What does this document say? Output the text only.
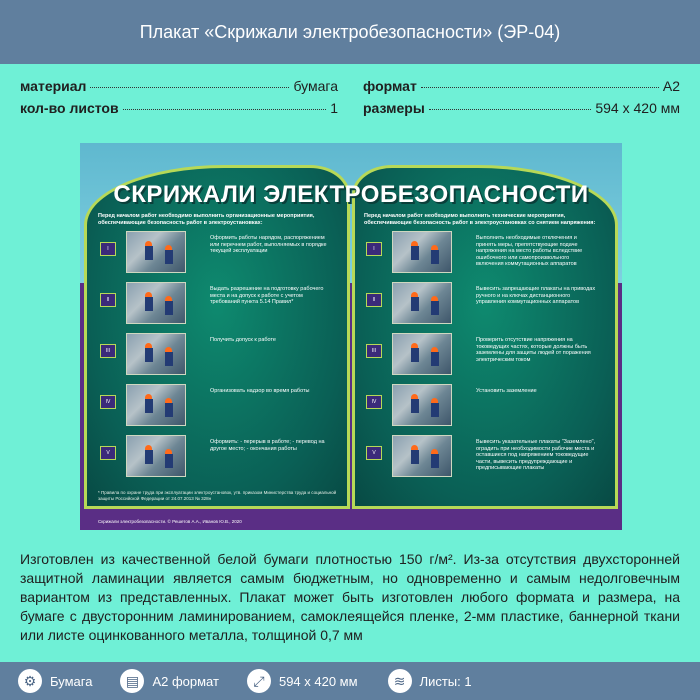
Плакат «Скрижали электробезопасности» (ЭР-04)
материал	бумага
кол-во листов	1
формат	A2
размеры	594 х 420 мм
СКРИЖАЛИ ЭЛЕКТРОБЕЗОПАСНОСТИ
Перед началом работ необходимо выполнить организационные мероприятия, обеспечивающие безопасность работ в электроустановках:
Перед началом работ необходимо выполнить технические мероприятия, обеспечивающие безопасность работ в электроустановках со снятием напряжения:
I
Оформить работы нарядом, распоряжением или перечнем работ, выполняемых в порядке текущей эксплуатации
II
Выдать разрешение на подготовку рабочего места и на допуск к работе с учетом требований пункта 5.14 Правил*
III
Получить допуск к работе
IV
Организовать надзор во время работы
V
Оформить: - перерыв в работе; - перевод на другое место; - окончания работы
I
Выполнить необходимые отключения и принять меры, препятствующие подаче напряжения на место работы вследствие ошибочного или самопроизвольного включения коммутационных аппаратов
II
Вывесить запрещающие плакаты на приводах ручного и на ключах дистанционного управления коммутационных аппаратов
III
Проверить отсутствие напряжения на токоведущих частях, которые должны быть заземлены для защиты людей от поражения электрическим током
IV
Установить заземление
V
Вывесить указательные плакаты "Заземлено", оградить при необходимости рабочие места и оставшиеся под напряжением токоведущие части, вывесить предупреждающие и предписывающие плакаты
* Правила по охране труда при эксплуатации электроустановок, утв. приказом Министерства труда и социальной защиты Российской Федерации от 24.07.2013 № 328н
Скрижали электробезопасности. © Решетов А.А., Иванов Ю.В., 2020
Изготовлен из качественной белой бумаги плотностью 150 г/м². Из-за отсутствия двухсторонней защитной ламинации является самым бюджетным, но одновременно и самым недолговечным вариантом из представленных. Плакат может быть изготовлен любого формата и размера, на бумаге с двусторонним ламинированием, самоклеящейся пленке, 2-мм пластике, баннерной ткани или листе оцинкованного металла, толщиной 0,7 мм
⚙	Бумага	▤	А2 формат	⤢	594 х 420 мм	≋	Листы: 1
